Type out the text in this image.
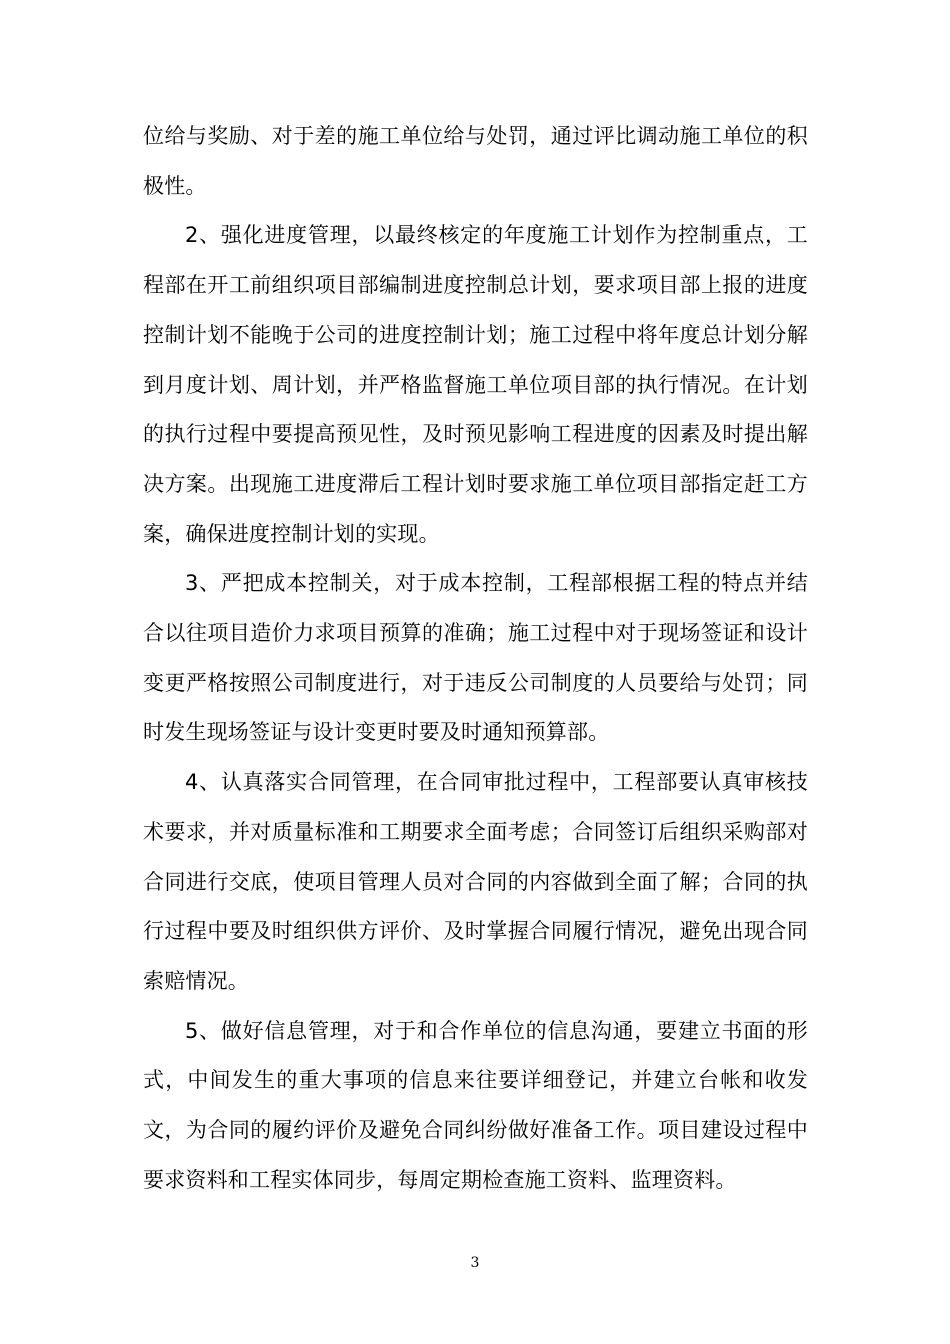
位给与奖励、对于差的施工单位给与处罚，通过评比调动施工单位的积极性。

2、强化进度管理，以最终核定的年度施工计划作为控制重点，工程部在开工前组织项目部编制进度控制总计划，要求项目部上报的进度控制计划不能晚于公司的进度控制计划；施工过程中将年度总计划分解到月度计划、周计划，并严格监督施工单位项目部的执行情况。在计划的执行过程中要提高预见性，及时预见影响工程进度的因素及时提出解决方案。出现施工进度滞后工程计划时要求施工单位项目部指定赶工方案，确保进度控制计划的实现。

3、严把成本控制关，对于成本控制，工程部根据工程的特点并结合以往项目造价力求项目预算的准确；施工过程中对于现场签证和设计变更严格按照公司制度进行，对于违反公司制度的人员要给与处罚；同时发生现场签证与设计变更时要及时通知预算部。

4、认真落实合同管理，在合同审批过程中，工程部要认真审核技术要求，并对质量标准和工期要求全面考虑；合同签订后组织采购部对合同进行交底，使项目管理人员对合同的内容做到全面了解；合同的执行过程中要及时组织供方评价、及时掌握合同履行情况，避免出现合同索赔情况。

5、做好信息管理，对于和合作单位的信息沟通，要建立书面的形式，中间发生的重大事项的信息来往要详细登记，并建立台帐和收发文，为合同的履约评价及避免合同纠纷做好准备工作。项目建设过程中要求资料和工程实体同步，每周定期检查施工资料、监理资料。

3
